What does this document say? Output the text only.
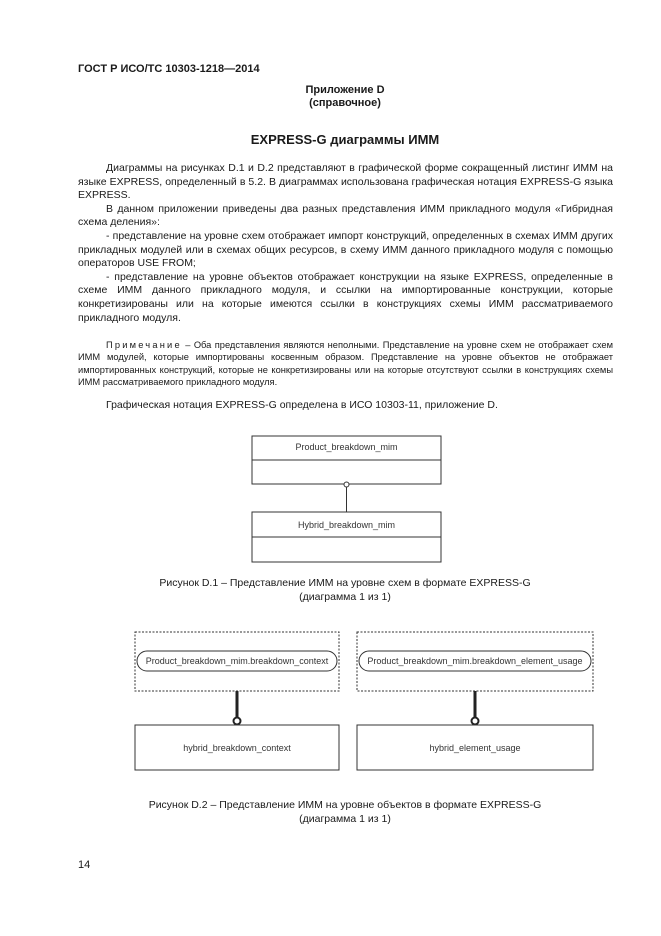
ГОСТ Р ИСО/ТС 10303-1218—2014
Приложение D
(справочное)
EXPRESS-G диаграммы ИММ

Диаграммы на рисунках D.1 и D.2 представляют в графической форме сокращенный листинг ИММ на языке EXPRESS, определенный в 5.2. В диаграммах использована графическая нотация EXPRESS-G языка EXPRESS.

В данном приложении приведены два разных представления ИММ прикладного модуля «Гибридная схема деления»:

- представление на уровне схем отображает импорт конструкций, определенных в схемах ИММ других прикладных модулей или в схемах общих ресурсов, в схему ИММ данного прикладного модуля с помощью операторов USE FROM;

- представление на уровне объектов отображает конструкции на языке EXPRESS, определенные в схеме ИММ данного прикладного модуля, и ссылки на импортированные конструкции, которые конкретизированы или на которые имеются ссылки в конструкциях схемы ИММ рассматриваемого прикладного модуля.

Примечание – Оба представления являются неполными. Представление на уровне схем не отображает схем ИММ модулей, которые импортированы косвенным образом. Представление на уровне объектов не отображает импортированных конструкций, которые не конкретизированы или на которые отсутствуют ссылки в конструкциях схемы ИММ рассматриваемого прикладного модуля.

Графическая нотация EXPRESS-G определена в ИСО 10303-11, приложение D.
Product_breakdown_mim
Hybrid_breakdown_mim
Product_breakdown_mim.breakdown_context	Product_breakdown_mim.breakdown_element_usage
hybrid_breakdown_context	hybrid_element_usage
Рисунок D.1 – Представление ИММ на уровне схем в формате EXPRESS-G
(диаграмма 1 из 1)
Рисунок D.2 – Представление ИММ на уровне объектов в формате EXPRESS-G
(диаграмма 1 из 1)
14
